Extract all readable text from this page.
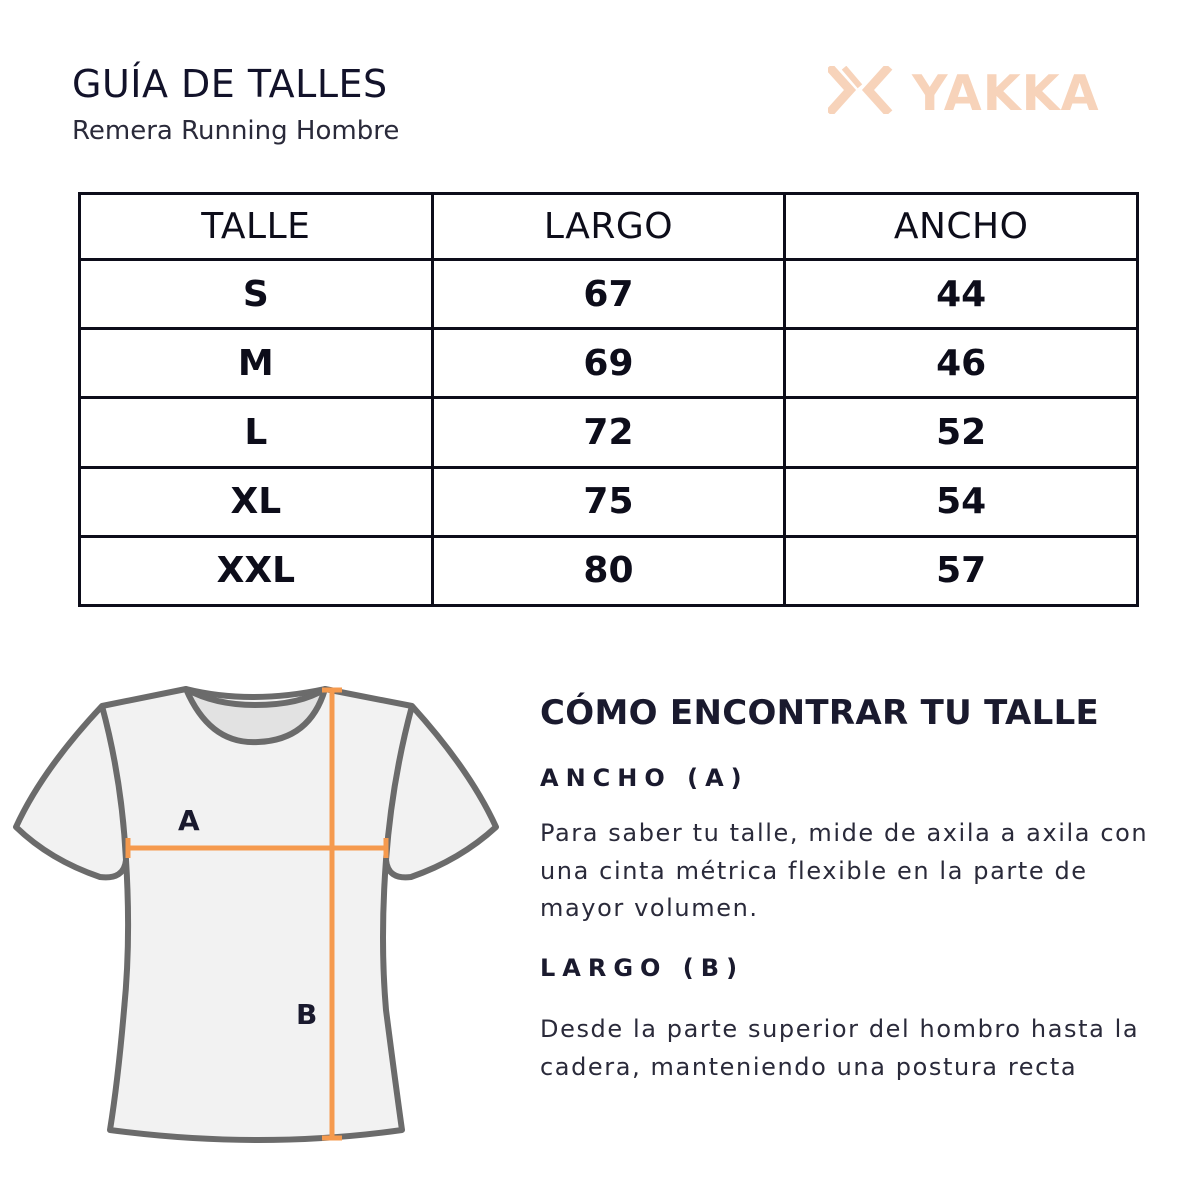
GUÍA DE TALLES

Remera Running Hombre

YAKKA
TALLE	LARGO	ANCHO
S	67	44
M	69	46
L	72	52
XL	75	54
XXL	80	57
A
B
CÓMO ENCONTRAR TU TALLE
ANCHO (A)

Para saber tu talle, mide de axila a axila con una cinta métrica flexible en la parte de mayor volumen.

LARGO (B)

Desde la parte superior del hombro hasta la cadera, manteniendo una postura recta
